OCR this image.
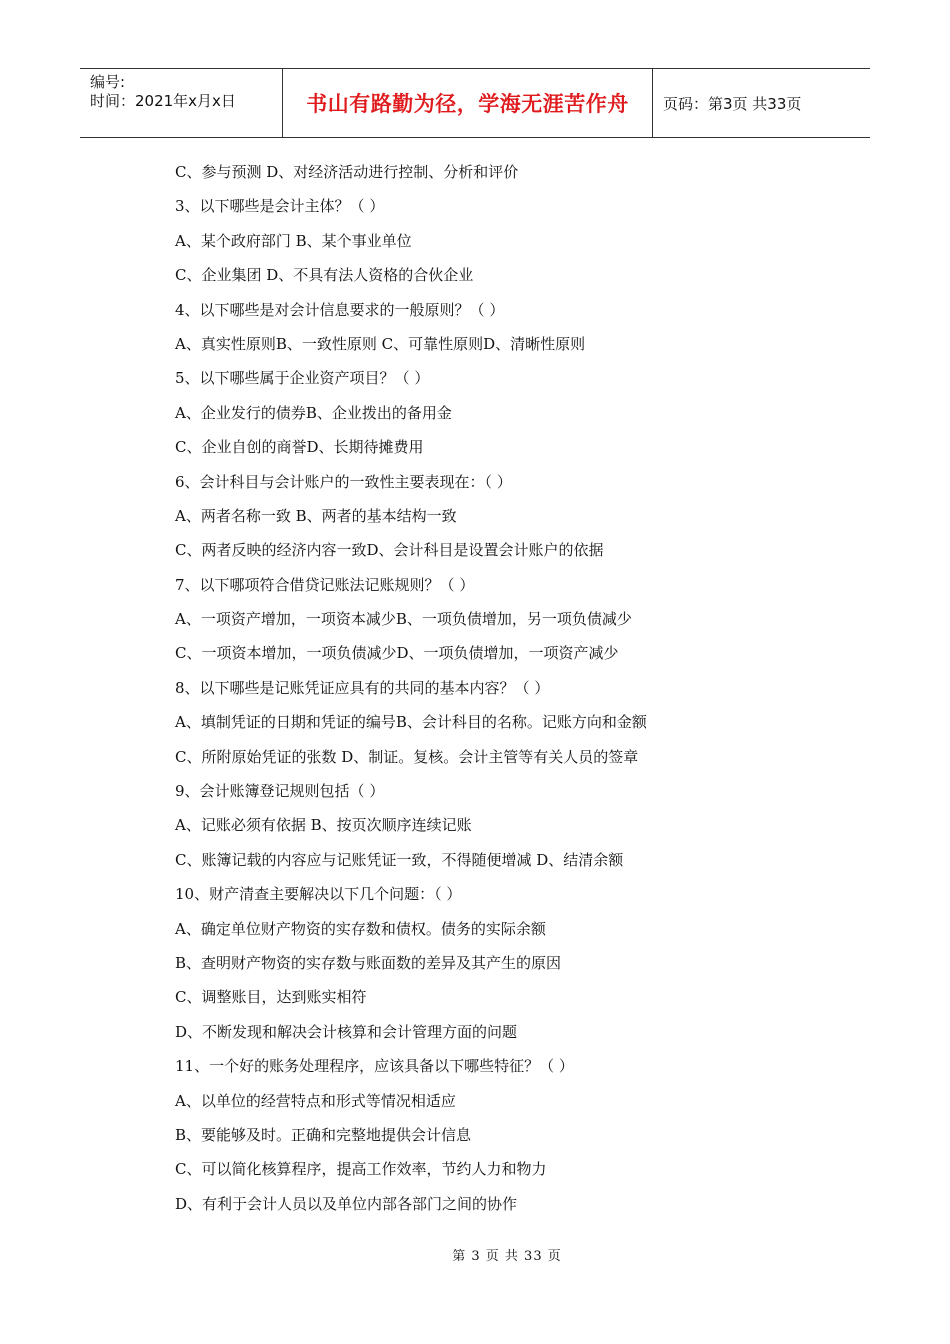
编号:
时间：2021年x月x日	书山有路勤为径，学海无涯苦作舟 页码：第3页 共33页
C、参与预测 D、对经济活动进行控制、分析和评价
3、以下哪些是会计主体？（ ）
A、某个政府部门 B、某个事业单位
C、企业集团 D、不具有法人资格的合伙企业
4、以下哪些是对会计信息要求的一般原则？（ ）
A、真实性原则B、一致性原则 C、可靠性原则D、清晰性原则
5、以下哪些属于企业资产项目？（ ）
A、企业发行的债券B、企业拨出的备用金
C、企业自创的商誉D、长期待摊费用
6、会计科目与会计账户的一致性主要表现在：（ ）
A、两者名称一致 B、两者的基本结构一致
C、两者反映的经济内容一致D、会计科目是设置会计账户的依据
7、以下哪项符合借贷记账法记账规则？（ ）
A、一项资产增加，一项资本减少B、一项负债增加，另一项负债减少
C、一项资本增加，一项负债减少D、一项负债增加，一项资产减少
8、以下哪些是记账凭证应具有的共同的基本内容？（ ）
A、填制凭证的日期和凭证的编号B、会计科目的名称。记账方向和金额
C、所附原始凭证的张数 D、制证。复核。会计主管等有关人员的签章
9、会计账簿登记规则包括（ ）
A、记账必须有依据 B、按页次顺序连续记账
C、账簿记载的内容应与记账凭证一致，不得随便增减 D、结清余额
10、财产清查主要解决以下几个问题：（ ）
A、确定单位财产物资的实存数和债权。债务的实际余额
B、查明财产物资的实存数与账面数的差异及其产生的原因
C、调整账目，达到账实相符
D、不断发现和解决会计核算和会计管理方面的问题
11、一个好的账务处理程序，应该具备以下哪些特征？（ ）
A、以单位的经营特点和形式等情况相适应
B、要能够及时。正确和完整地提供会计信息
C、可以简化核算程序，提高工作效率，节约人力和物力
D、有利于会计人员以及单位内部各部门之间的协作
第 3 页 共 33 页
